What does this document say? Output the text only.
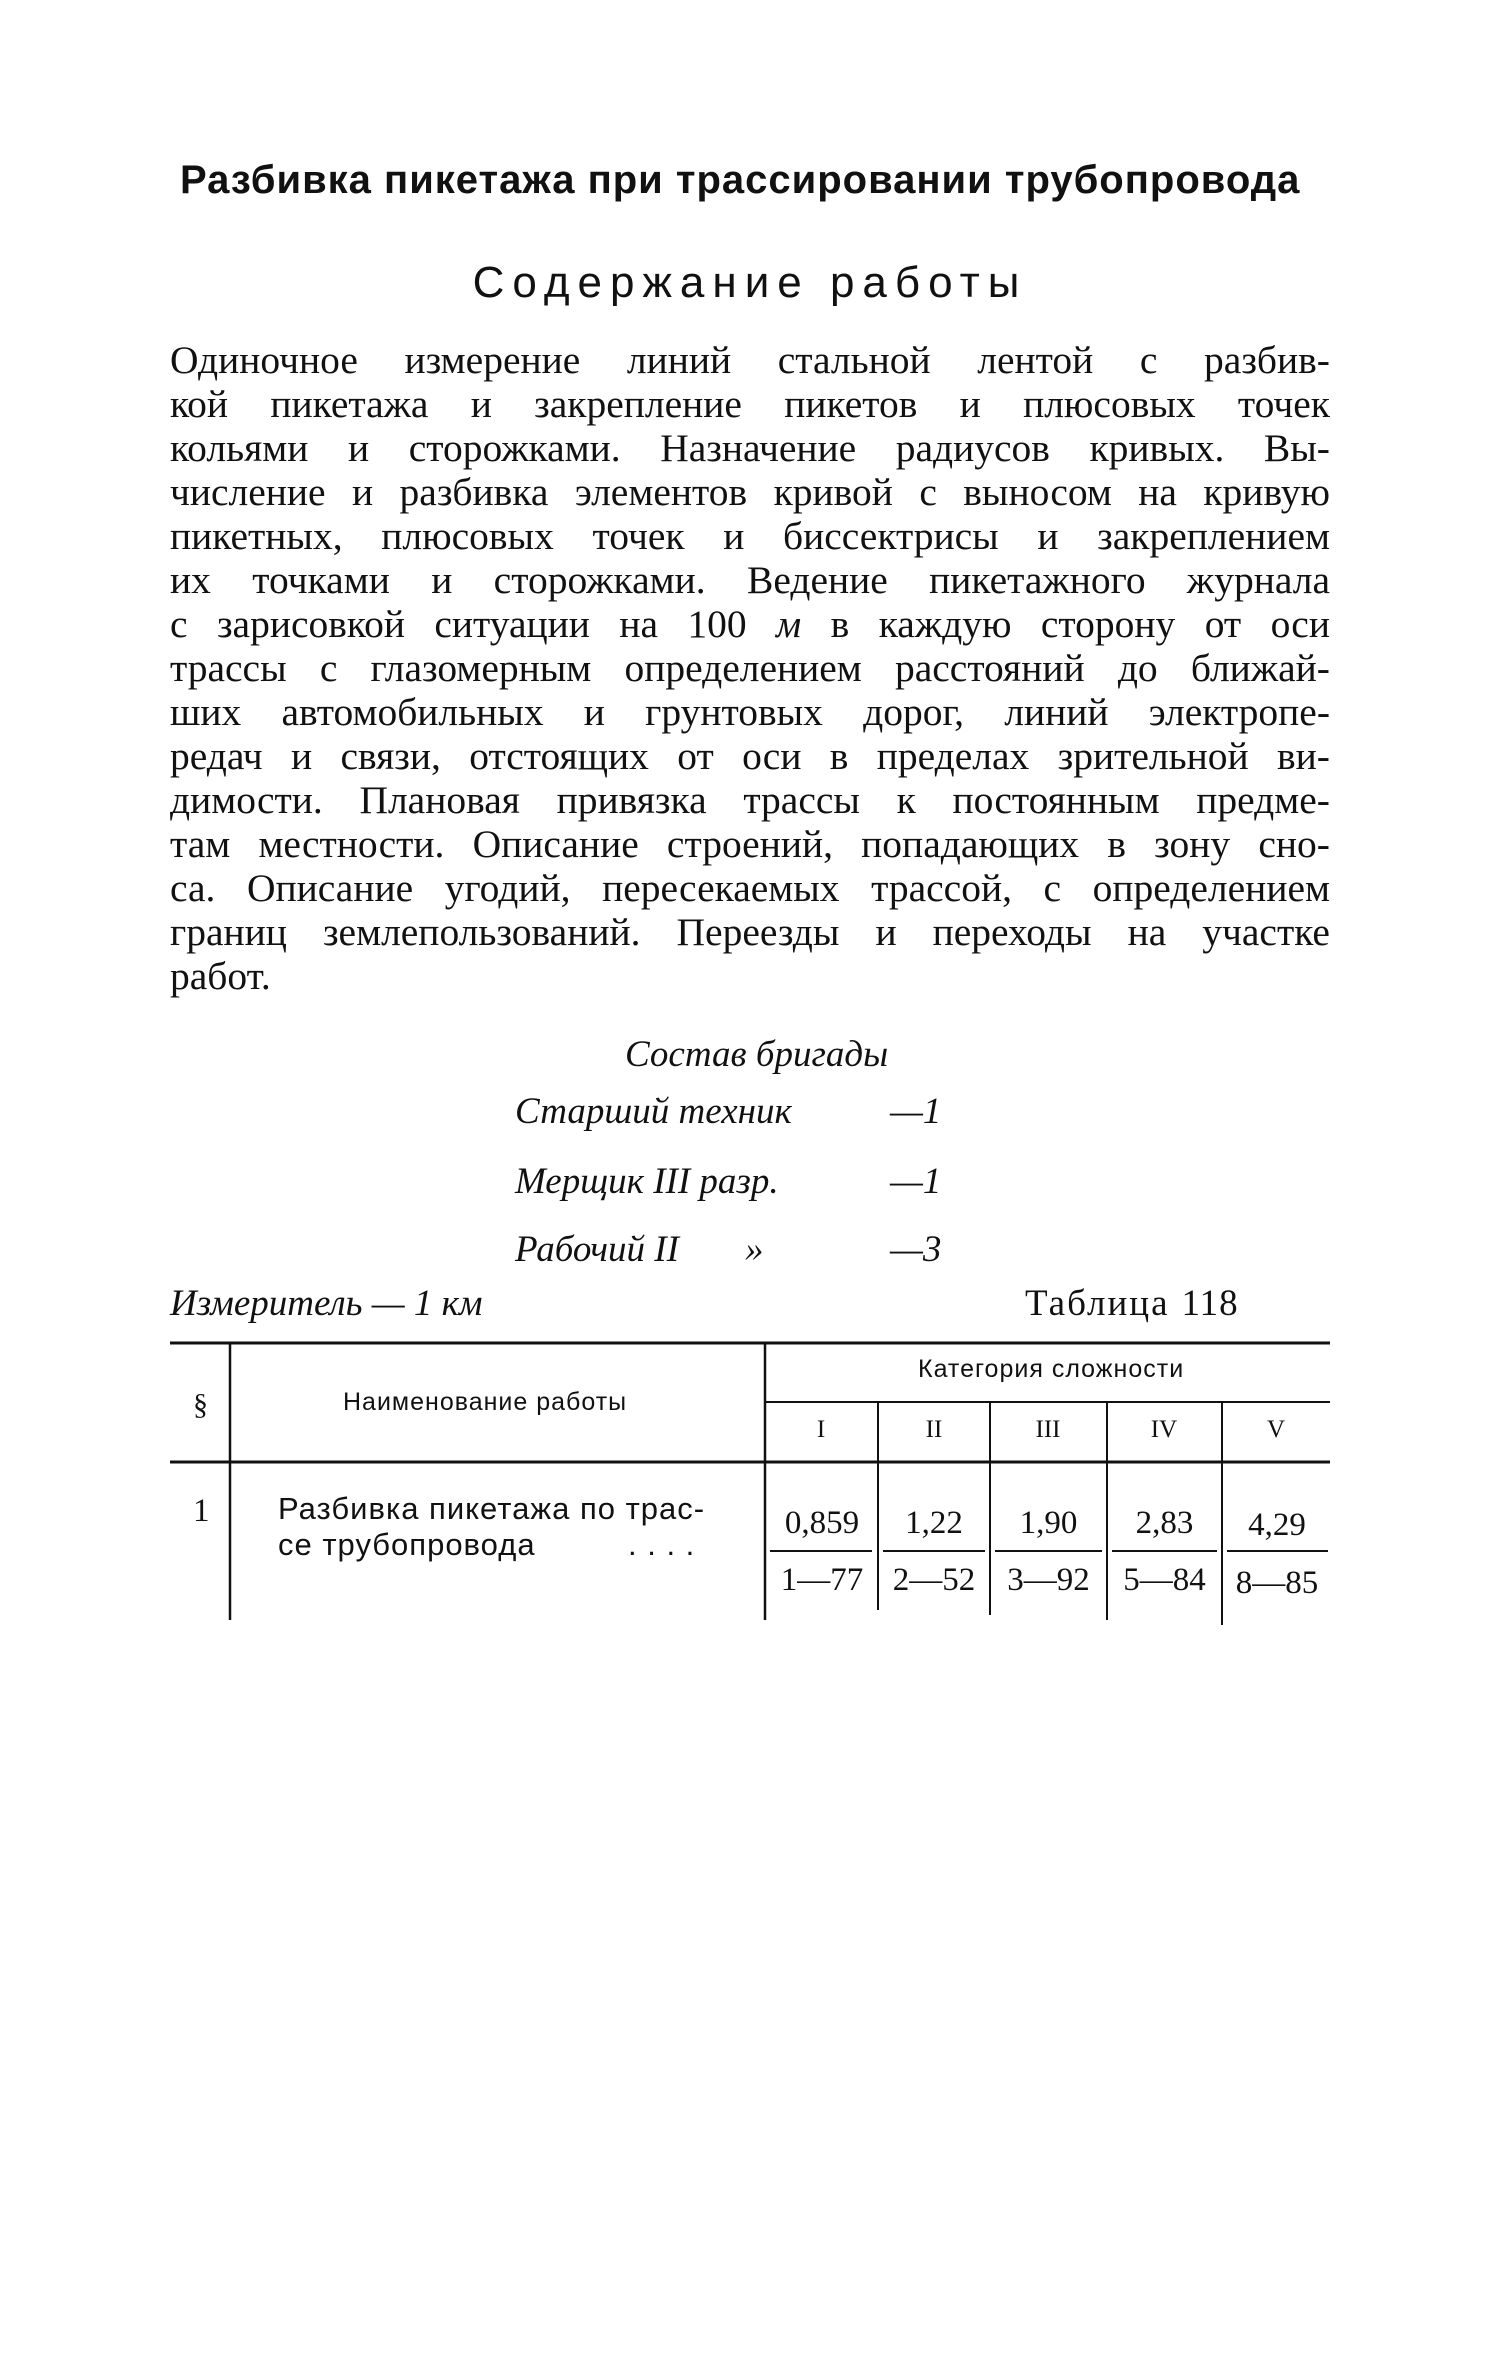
Разбивка пикетажа при трассировании трубопровода
Содержание работы
Одиночное измерение линий стальной лентой с разбив-
кой пикетажа и закрепление пикетов и плюсовых точек
кольями и сторожками. Назначение радиусов кривых. Вы-
числение и разбивка элементов кривой с выносом на кривую
пикетных, плюсовых точек и биссектрисы и закреплением
их точками и сторожками. Ведение пикетажного журнала
с зарисовкой ситуации на 100 м в каждую сторону от оси
трассы с глазомерным определением расстояний до ближай-
ших автомобильных и грунтовых дорог, линий электропе-
редач и связи, отстоящих от оси в пределах зрительной ви-
димости. Плановая привязка трассы к постоянным предме-
там местности. Описание строений, попадающих в зону сно-
са. Описание угодий, пересекаемых трассой, с определением
границ землепользований. Переезды и переходы на участке
работ.
Состав бригады
Старший техник	—1
Мерщик III разр.	—1
Рабочий II »	—3
Измеритель — 1 км	Таблица 118
§	Наименование работы
Категория сложности
I	II	III	IV	V
1 Разбивка пикетажа по трас-
се трубопровода	. . . .
0,859	1,22	1,90	2,83	4,29
1—77 2—52 3—92	5—84 8—85
